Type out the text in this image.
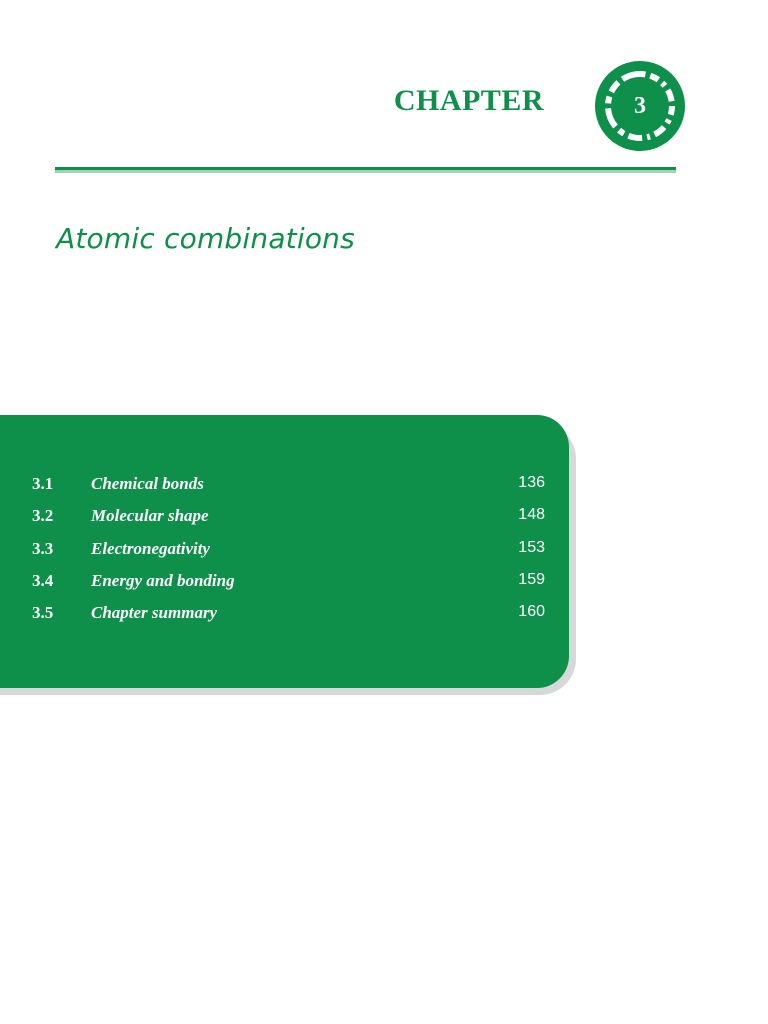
CHAPTER	3
Atomic combinations
3.1 Chemical bonds	136
3.2 Molecular shape	148
3.3 Electronegativity	153
3.4 Energy and bonding	159
3.5 Chapter summary	160
